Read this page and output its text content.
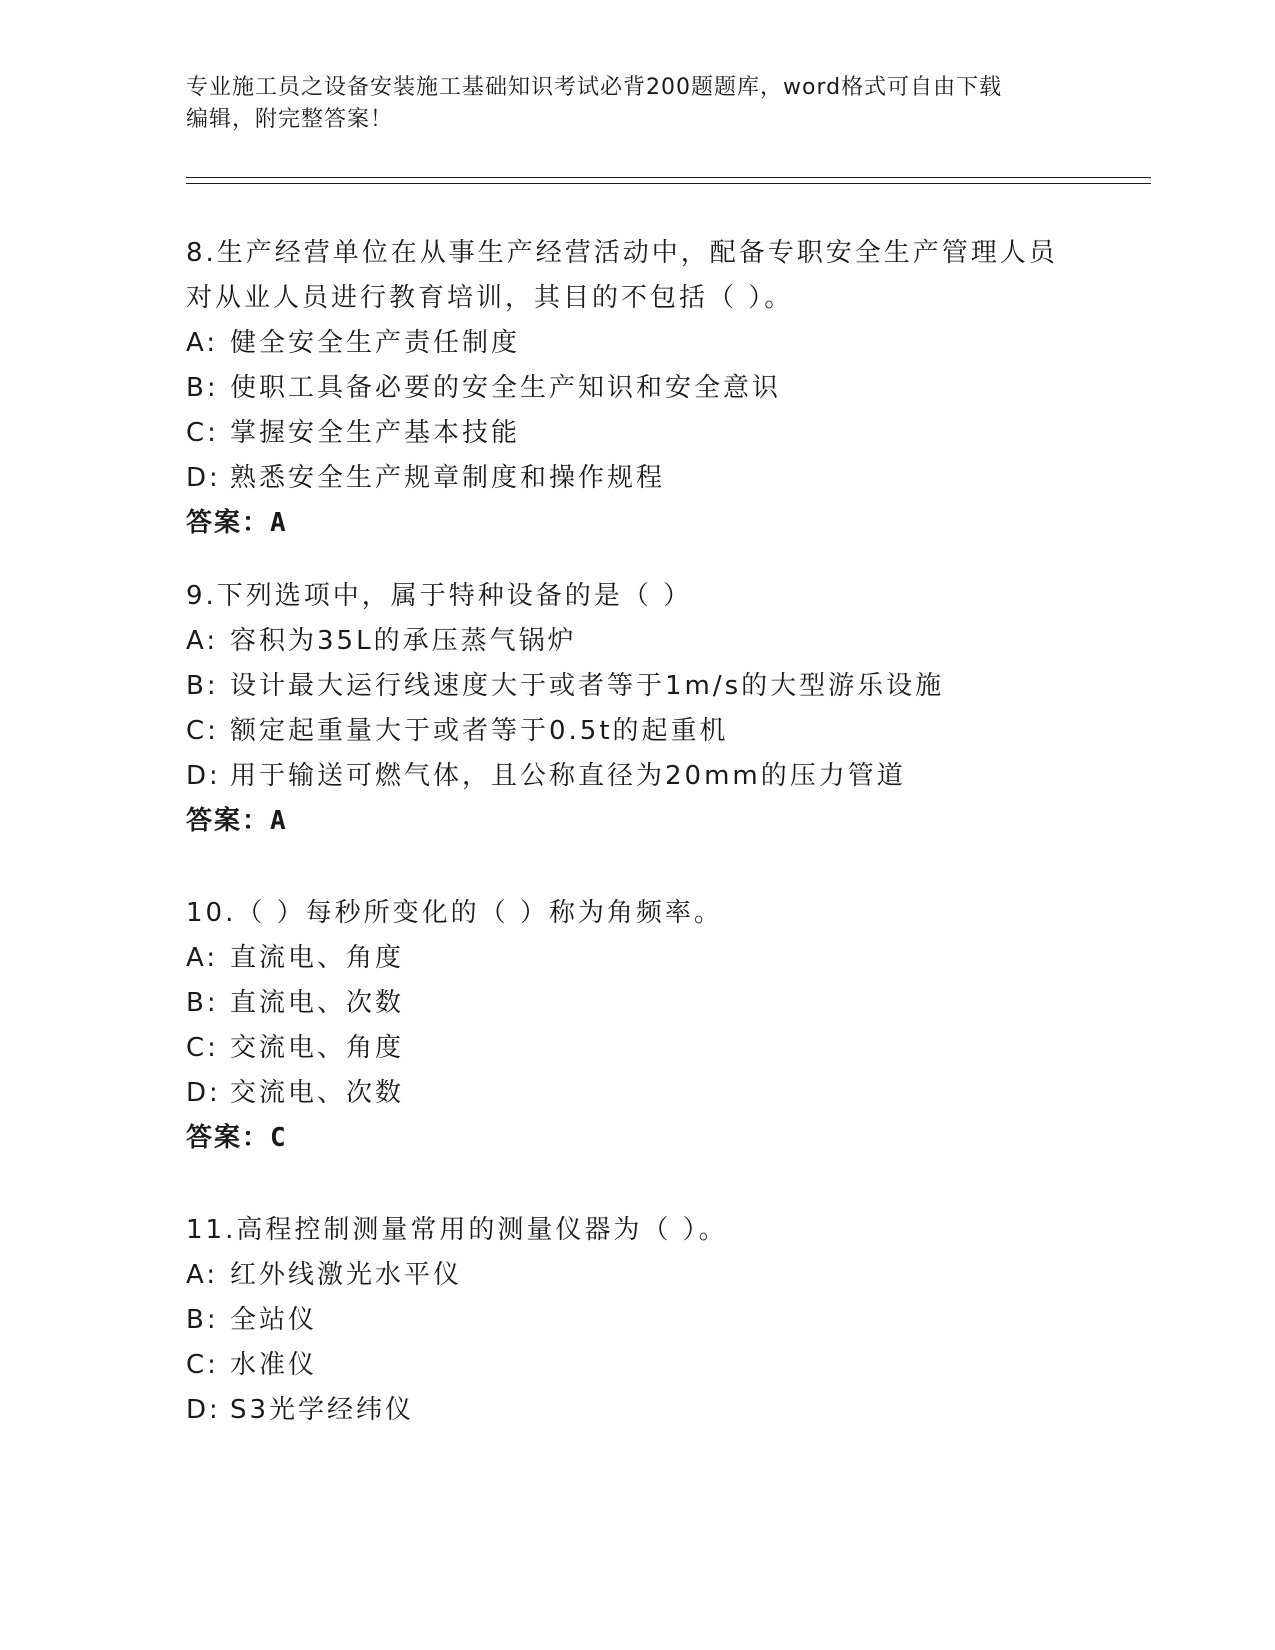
专业施工员之设备安装施工基础知识考试必背200题题库，word格式可自由下载
编辑，附完整答案！
8.生产经营单位在从事生产经营活动中，配备专职安全生产管理人员
对从业人员进行教育培训，其目的不包括（ ）。
A: 健全安全生产责任制度
B: 使职工具备必要的安全生产知识和安全意识
C: 掌握安全生产基本技能
D: 熟悉安全生产规章制度和操作规程
答案：A
9.下列选项中，属于特种设备的是（ ）
A: 容积为35L的承压蒸气锅炉
B: 设计最大运行线速度大于或者等于1m/s的大型游乐设施
C: 额定起重量大于或者等于0.5t的起重机
D: 用于输送可燃气体，且公称直径为20mm的压力管道
答案：A
10.（ ）每秒所变化的（ ）称为角频率。
A: 直流电、角度
B: 直流电、次数
C: 交流电、角度
D: 交流电、次数
答案：C
11.高程控制测量常用的测量仪器为（ ）。
A: 红外线激光水平仪
B: 全站仪
C: 水准仪
D: S3光学经纬仪
